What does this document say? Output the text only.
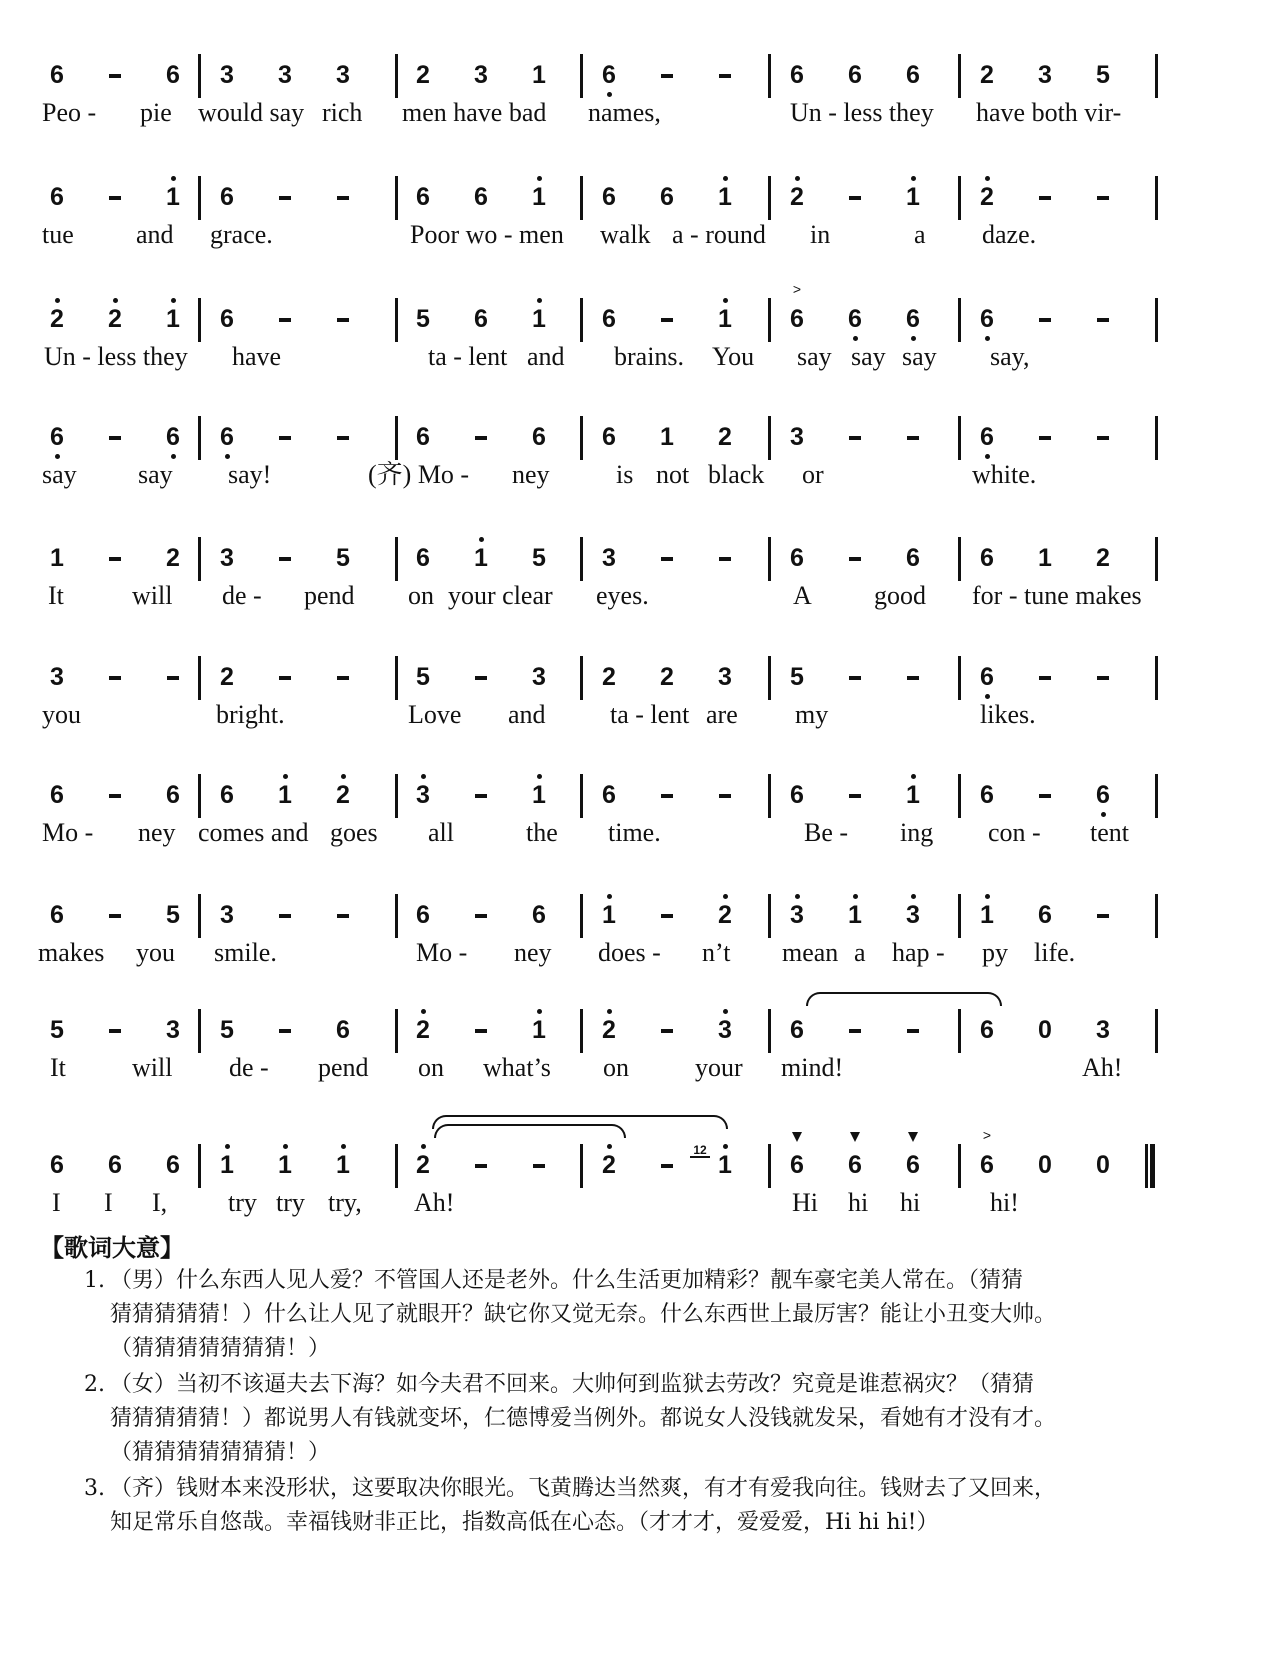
6	6	3	3	3	2	3	1	6	6	6	6	2	3	5
Peo - pie would say rich men have bad names,	Un - less they have both vir-
6	1	6	6	6	1	6	6	1	2	1	2
tue and grace.	Poor wo - men walk a - round in	a daze.
2	2	1	6	5	6	1	6	1	6
>
6	6	6
Un - less they have	ta - lent and brains. You say say say say,
6	6	6	6	6	6	1	2	3	6
say say say!	(齐) Mo - ney	is not black or	white.
1	2	3	5	6	1	5	3	6	6	6	1	2
It	will de - pend on your clear eyes.	A good for - tune makes
3	2	5	3	2	2	3	5	6
you	bright.	Love and ta - lent are my	likes.
6	6	6	1	2	3	1	6	6	1	6	6
Mo - ney comes and goes all	the time.	Be - ing con - tent
6	5	3	6	6	1	2	3	1	3	1	6
makes you smile.	Mo - ney does - n’t mean a hap - py life.
5	3	5	6	2	1	2	3	6	6	0	3
It	will de - pend on what’s on	your mind!	Ah!
6	6	6	1	1	1	2	2	1
12
6	6	6	6
>
0	0
I I I, try try try, Ah!	Hi hi hi	hi!
【歌词大意】
1. （男）什么东西人见人爱？不管国人还是老外。什么生活更加精彩？靓车豪宅美人常在。（猜猜
猜猜猜猜猜！）什么让人见了就眼开？缺它你又觉无奈。什么东西世上最厉害？能让小丑变大帅。
（猜猜猜猜猜猜猜！）
2. （女）当初不该逼夫去下海？如今夫君不回来。大帅何到监狱去劳改？究竟是谁惹祸灾？（猜猜
猜猜猜猜猜！）都说男人有钱就变坏，仁德博爱当例外。都说女人没钱就发呆，看她有才没有才。
（猜猜猜猜猜猜猜！）
3. （齐）钱财本来没形状，这要取决你眼光。飞黄腾达当然爽，有才有爱我向往。钱财去了又回来，
知足常乐自悠哉。幸福钱财非正比，指数高低在心态。（才才才，爱爱爱，Hi hi hi!）
